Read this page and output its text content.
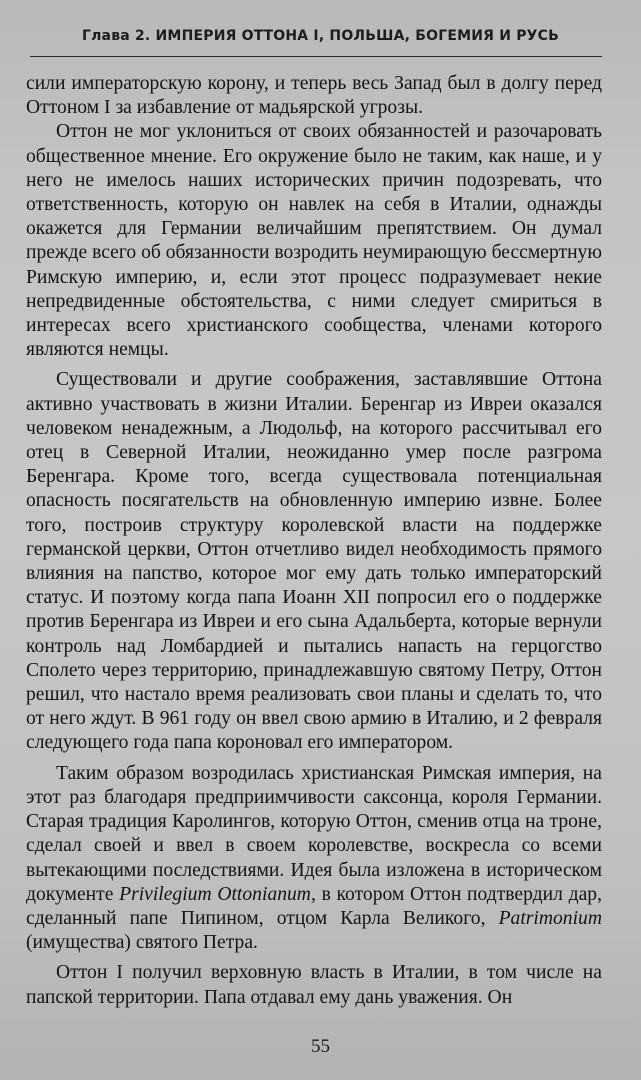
Глава 2. ИМПЕРИЯ ОТТОНА I, ПОЛЬША, БОГЕМИЯ И РУСЬ

сили императорскую корону, и теперь весь Запад был в долгу перед Оттоном I за избавление от мадьярской угрозы.

Оттон не мог уклониться от своих обязанностей и разочаровать общественное мнение. Его окружение было не таким, как наше, и у него не имелось наших исторических причин подозревать, что ответственность, которую он навлек на себя в Италии, однажды окажется для Германии величайшим препятствием. Он думал прежде всего об обязанности возродить неумирающую бессмертную Римскую империю, и, если этот процесс подразумевает некие непредвиденные обстоятельства, с ними следует смириться в интересах всего христианского сообщества, членами которого являются немцы.

Существовали и другие соображения, заставлявшие Оттона активно участвовать в жизни Италии. Беренгар из Ивреи оказался человеком ненадежным, а Людольф, на которого рассчитывал его отец в Северной Италии, неожиданно умер после разгрома Беренгара. Кроме того, всегда существовала потенциальная опасность посягательств на обновленную империю извне. Более того, построив структуру королевской власти на поддержке германской церкви, Оттон отчетливо видел необходимость прямого влияния на папство, которое мог ему дать только императорский статус. И поэтому когда папа Иоанн XII попросил его о поддержке против Беренгара из Ивреи и его сына Адальберта, которые вернули контроль над Ломбардией и пытались напасть на герцогство Сполето через территорию, принадлежавшую святому Петру, Оттон решил, что настало время реализовать свои планы и сделать то, что от него ждут. В 961 году он ввел свою армию в Италию, и 2 февраля следующего года папа короновал его императором.

Таким образом возродилась христианская Римская империя, на этот раз благодаря предприимчивости саксонца, короля Германии. Старая традиция Каролингов, которую Оттон, сменив отца на троне, сделал своей и ввел в своем королевстве, воскресла со всеми вытекающими последствиями. Идея была изложена в историческом документе Privilegium Ottonianum, в котором Оттон подтвердил дар, сделанный папе Пипином, отцом Карла Великого, Patrimonium (имущества) святого Петра.

Оттон I получил верховную власть в Италии, в том числе на папской территории. Папа отдавал ему дань уважения. Он

55
